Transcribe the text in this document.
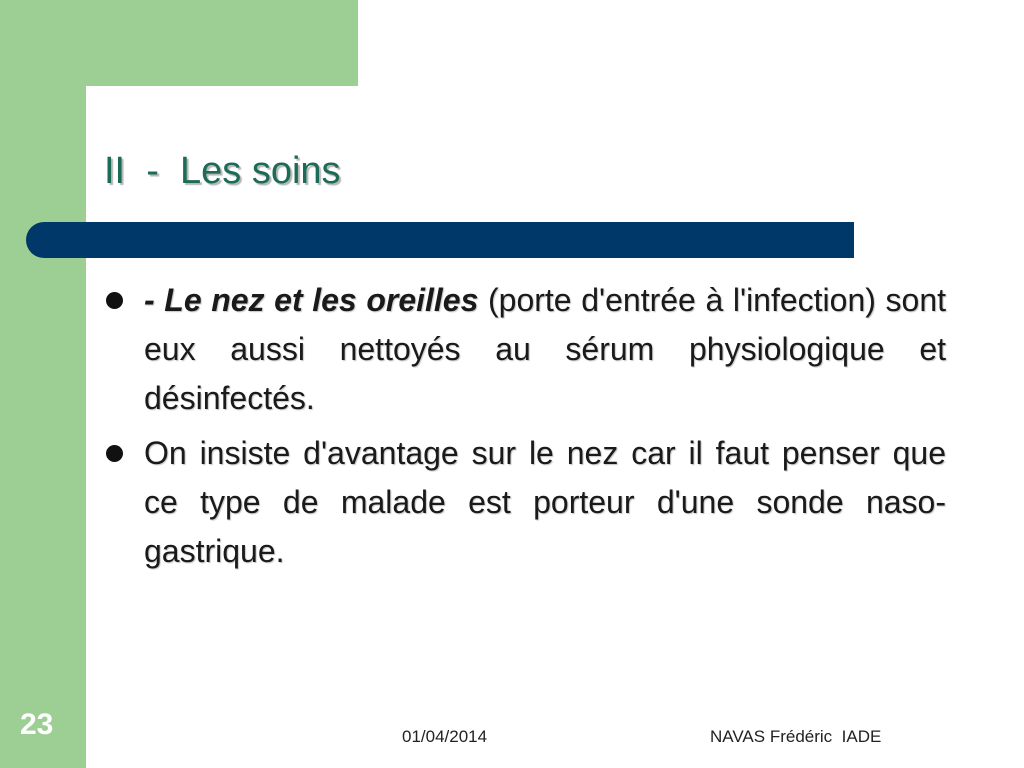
II  -  Les soins
- Le nez et les oreilles (porte d'entrée à l'infection) sont eux aussi nettoyés au sérum physiologique et désinfectés.
On insiste d'avantage sur le nez car il faut penser que ce type de malade est porteur d'une sonde naso-gastrique.
23	01/04/2014	NAVAS Frédéric  IADE
